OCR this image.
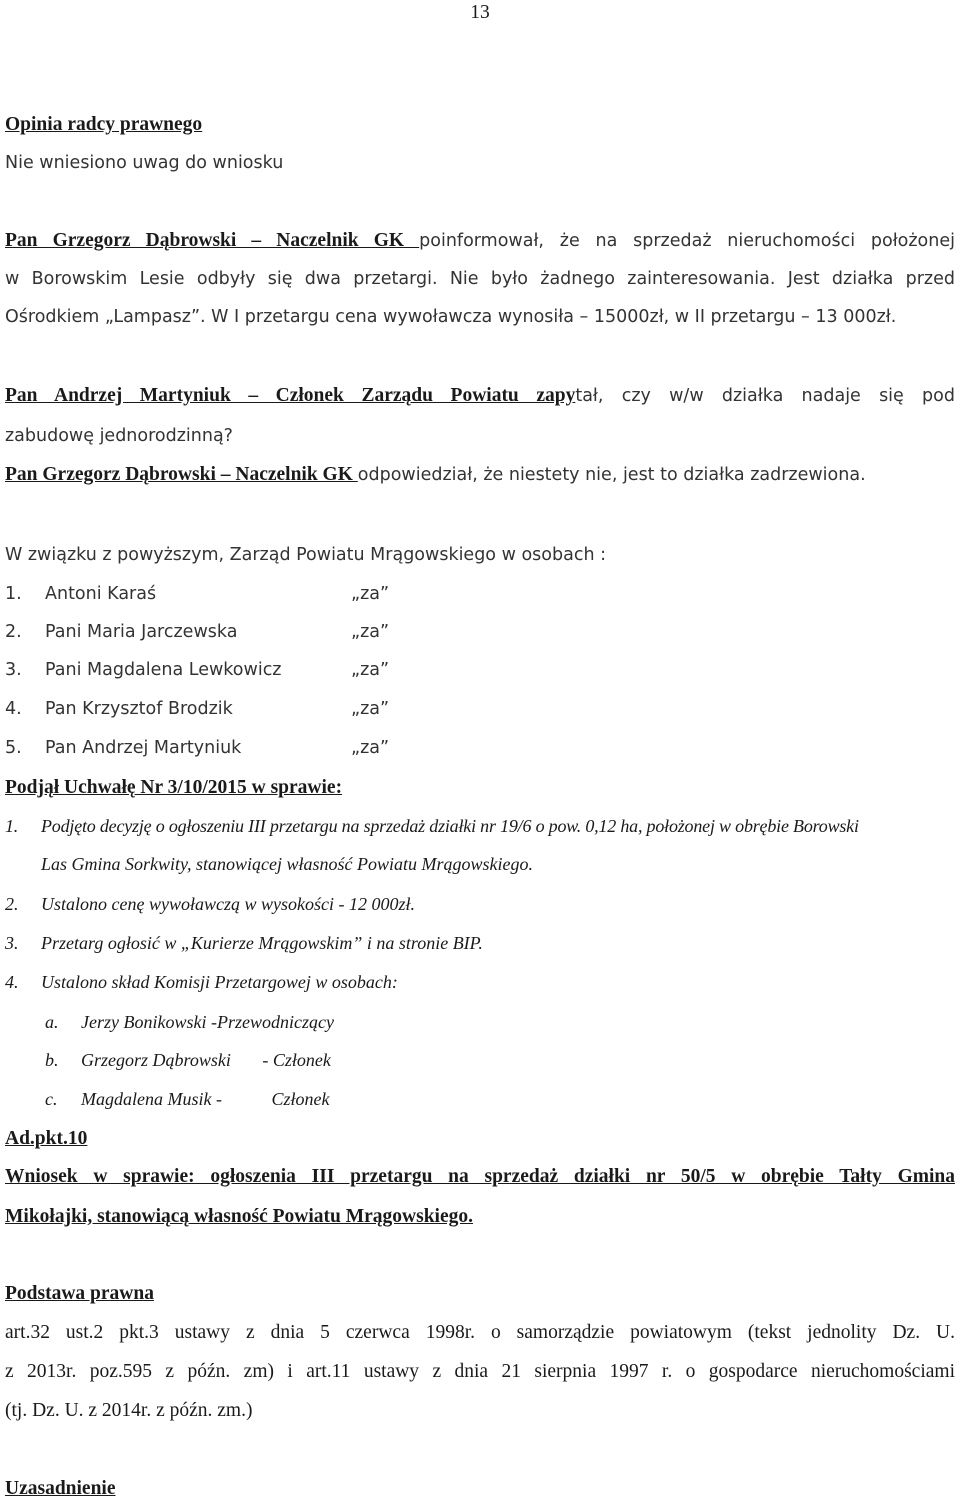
13
Opinia radcy prawnego
Nie wniesiono uwag do wniosku
Pan Grzegorz Dąbrowski – Naczelnik GK poinformował, że na sprzedaż nieruchomości położonej
w Borowskim Lesie odbyły się dwa przetargi. Nie było żadnego zainteresowania. Jest działka przed
Ośrodkiem „Lampasz”. W I przetargu cena wywoławcza wynosiła – 15000zł, w II przetargu – 13 000zł.
Pan Andrzej Martyniuk – Członek Zarządu Powiatu zapytał, czy w/w działka nadaje się pod
zabudowę jednorodzinną?
Pan Grzegorz Dąbrowski – Naczelnik GK odpowiedział, że niestety nie, jest to działka zadrzewiona.
W związku z powyższym, Zarząd Powiatu Mrągowskiego w osobach :
1. Antoni Karaś	„za”
2. Pani Maria Jarczewska	„za”
3. Pani Magdalena Lewkowicz	„za”
4. Pan Krzysztof Brodzik	„za”
5. Pan Andrzej Martyniuk	„za”
Podjął Uchwałę Nr 3/10/2015 w sprawie:
1. Podjęto decyzję o ogłoszeniu III przetargu na sprzedaż działki nr 19/6 o pow. 0,12 ha, położonej w obrębie Borowski
Las Gmina Sorkwity, stanowiącej własność Powiatu Mrągowskiego.
2. Ustalono cenę wywoławczą w wysokości - 12 000zł.
3. Przetarg ogłosić w „Kurierze Mrągowskim” i na stronie BIP.
4. Ustalono skład Komisji Przetargowej w osobach:
a. Jerzy Bonikowski -Przewodniczący
b. Grzegorz Dąbrowski       - Członek
c. Magdalena Musik -           Członek
Ad.pkt.10
Wniosek w sprawie: ogłoszenia III przetargu na sprzedaż działki nr 50/5 w obrębie Tałty Gmina
Mikołajki, stanowiącą własność Powiatu Mrągowskiego.
Podstawa prawna
art.32 ust.2 pkt.3 ustawy z dnia 5 czerwca 1998r. o samorządzie powiatowym (tekst jednolity Dz. U.
z 2013r. poz.595 z późn. zm) i art.11 ustawy z dnia 21 sierpnia 1997 r. o gospodarce nieruchomościami
(tj. Dz. U. z 2014r. z późn. zm.)
Uzasadnienie
